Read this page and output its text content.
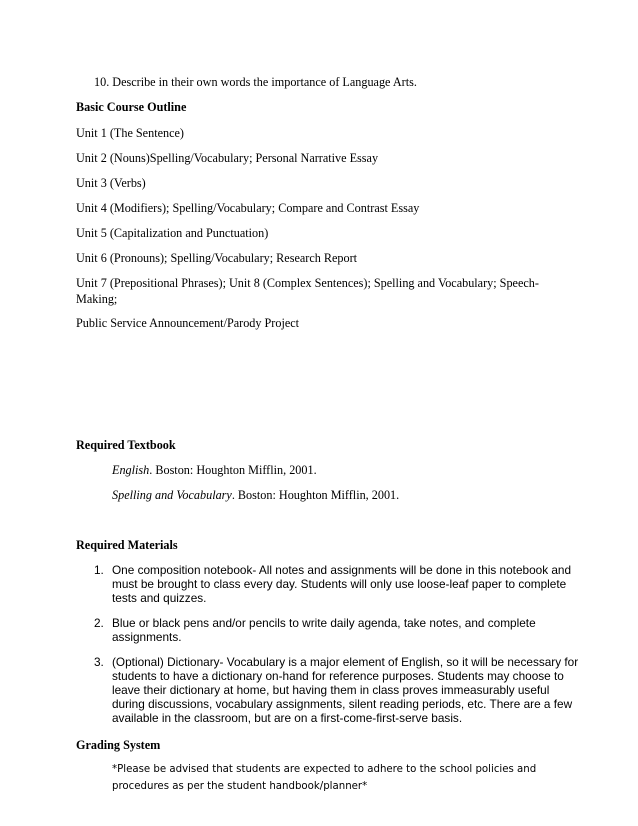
10. Describe in their own words the importance of Language Arts.
Basic Course Outline
Unit 1 (The Sentence)
Unit 2 (Nouns)Spelling/Vocabulary; Personal Narrative Essay
Unit 3 (Verbs)
Unit 4 (Modifiers); Spelling/Vocabulary; Compare and Contrast Essay
Unit 5 (Capitalization and Punctuation)
Unit 6 (Pronouns); Spelling/Vocabulary; Research Report
Unit 7 (Prepositional Phrases); Unit 8 (Complex Sentences); Spelling and Vocabulary; Speech-
Making;
Public Service Announcement/Parody Project
Required Textbook
English. Boston: Houghton Mifflin, 2001.
Spelling and Vocabulary. Boston: Houghton Mifflin, 2001.
Required Materials
1. One composition notebook- All notes and assignments will be done in this notebook and must be brought to class every day. Students will only use loose-leaf paper to complete tests and quizzes.
2. Blue or black pens and/or pencils to write daily agenda, take notes, and complete assignments.
3. (Optional) Dictionary- Vocabulary is a major element of English, so it will be necessary for students to have a dictionary on-hand for reference purposes. Students may choose to leave their dictionary at home, but having them in class proves immeasurably useful during discussions, vocabulary assignments, silent reading periods, etc. There are a few available in the classroom, but are on a first-come-first-serve basis.
Grading System
*Please be advised that students are expected to adhere to the school policies and procedures as per the student handbook/planner*
